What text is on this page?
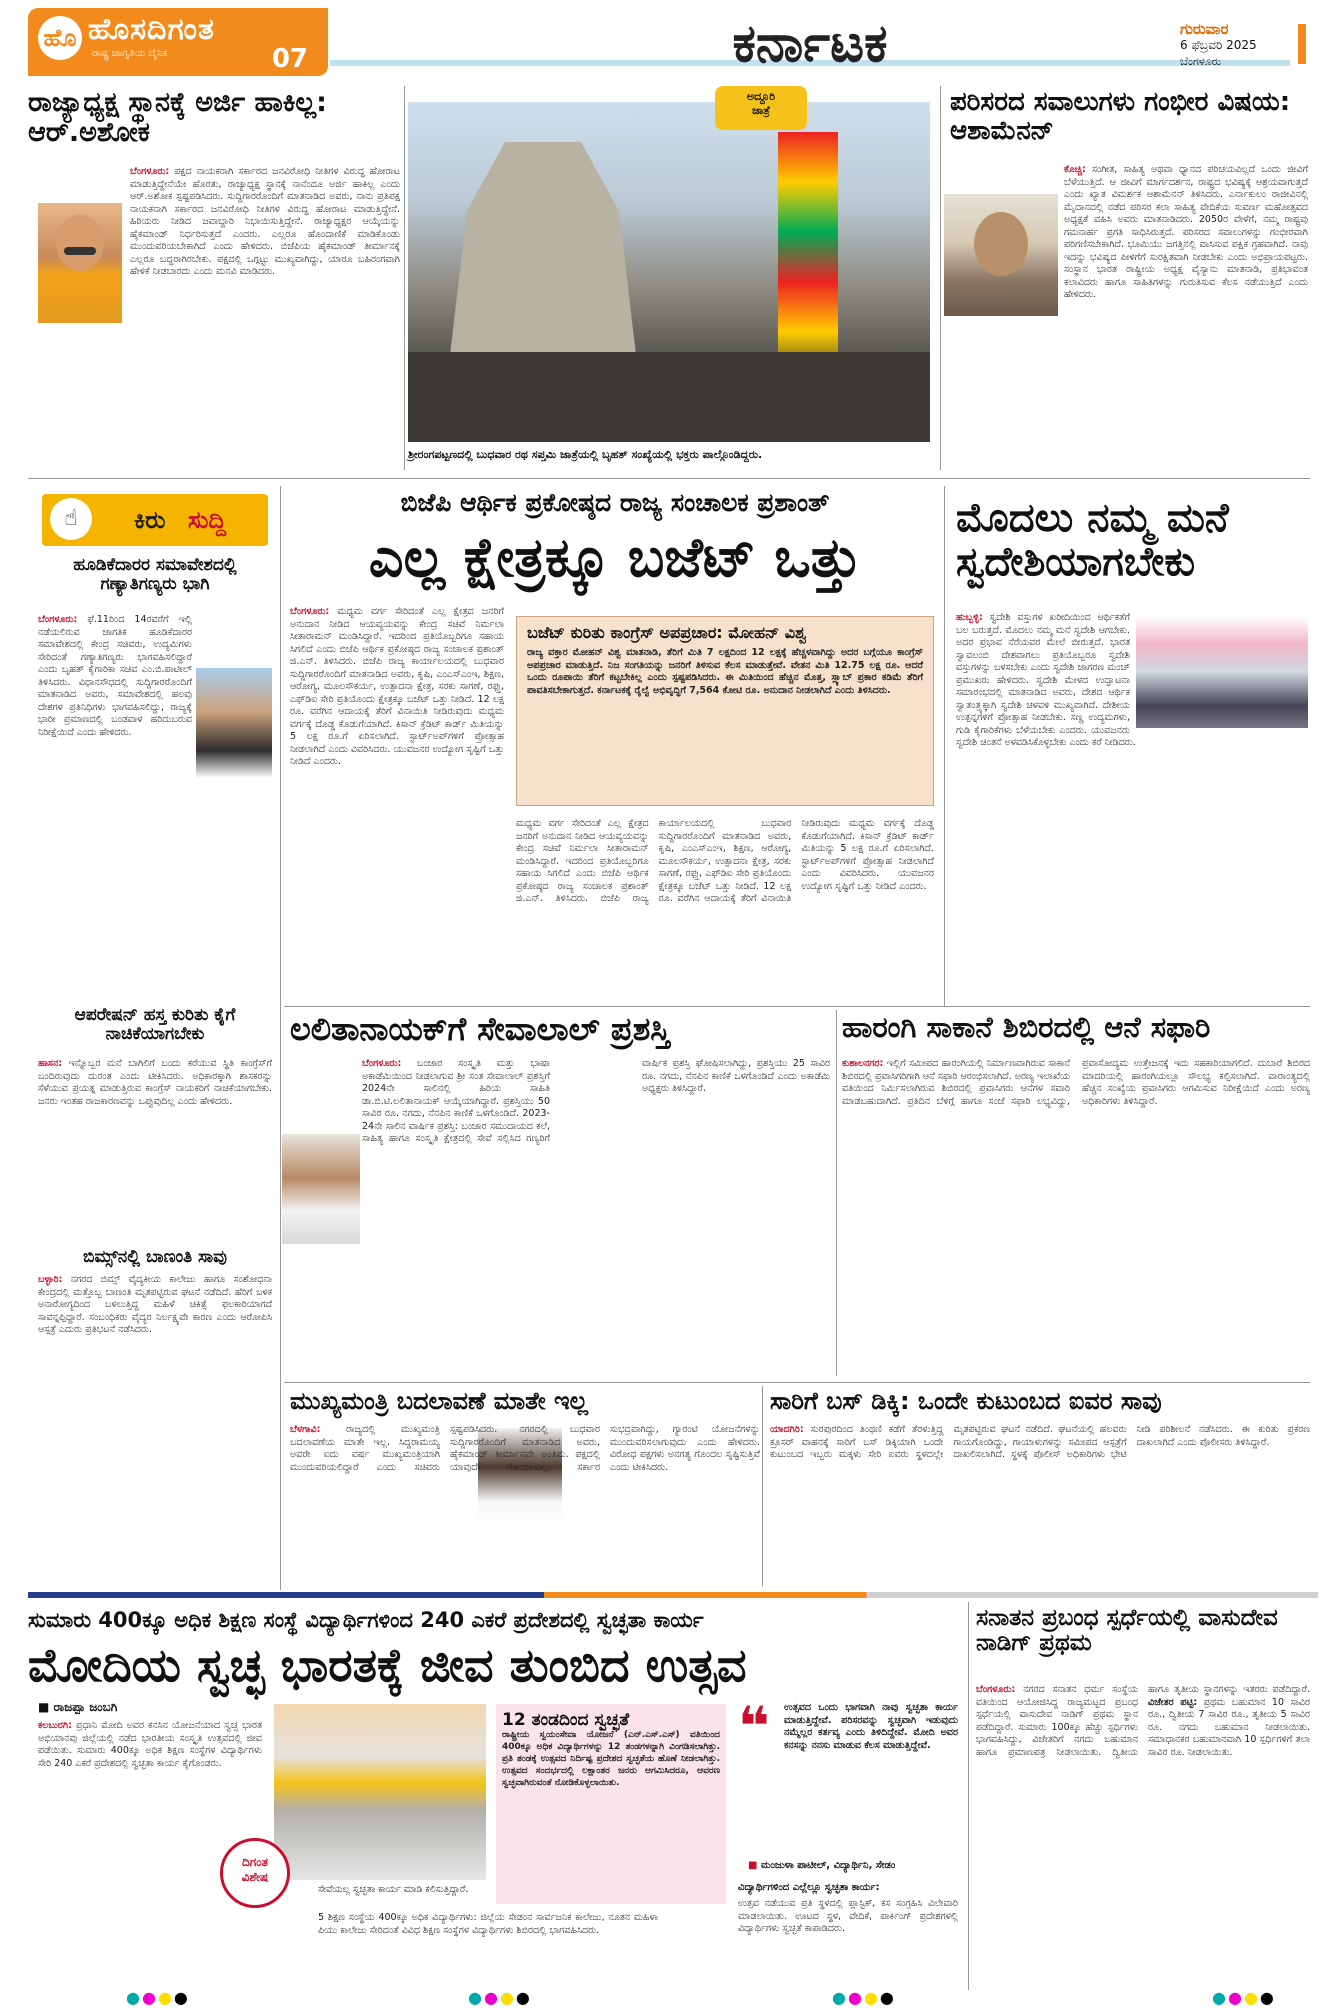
ಹೊ ಹೊಸದಿಗಂತ
ರಾಷ್ಟ್ರ ಜಾಗೃತಿಯ ದೈನಿಕ	07	ಕರ್ನಾಟಕ	ಗುರುವಾರ
6 ಫೆಬ್ರವರಿ 2025
ಬೆಂಗಳೂರು
ರಾಜ್ಯಾಧ್ಯಕ್ಷ ಸ್ಥಾನಕ್ಕೆ ಅರ್ಜಿ ಹಾಕಿಲ್ಲ: ಆರ್.ಅಶೋಕ
ಬೆಂಗಳೂರು: ಪಕ್ಷದ ನಾಯಕರಾಗಿ ಸರ್ಕಾರದ ಜನವಿರೋಧಿ ನೀತಿಗಳ ವಿರುದ್ಧ ಹೋರಾಟ ಮಾಡುತ್ತಿದ್ದೇನೆಯೇ ಹೊರತು, ರಾಜ್ಯಾಧ್ಯಕ್ಷ ಸ್ಥಾನಕ್ಕೆ ನಾನೆಂದೂ ಅರ್ಜಿ ಹಾಕಿಲ್ಲ ಎಂದು ಆರ್.ಅಶೋಕ ಸ್ಪಷ್ಟಪಡಿಸಿದರು. ಸುದ್ದಿಗಾರರೊಂದಿಗೆ ಮಾತನಾಡಿದ ಅವರು, ನಾನು ಪ್ರತಿಪಕ್ಷ ನಾಯಕನಾಗಿ ಸರ್ಕಾರದ ಜನವಿರೋಧಿ ನೀತಿಗಳ ವಿರುದ್ಧ ಹೋರಾಟ ಮಾಡುತ್ತಿದ್ದೇನೆ. ಹಿರಿಯರು ನೀಡಿದ ಜವಾಬ್ದಾರಿ ನಿಭಾಯಿಸುತ್ತಿದ್ದೇನೆ. ರಾಜ್ಯಾಧ್ಯಕ್ಷರ ಆಯ್ಕೆಯನ್ನು ಹೈಕಮಾಂಡ್ ನಿರ್ಧರಿಸುತ್ತದೆ ಎಂದರು. ಎಲ್ಲರೂ ಹೊಂದಾಣಿಕೆ ಮಾಡಿಕೊಂಡು ಮುಂದುವರಿಯಬೇಕಾಗಿದೆ ಎಂದು ಹೇಳಿದರು. ಬಿಜೆಪಿಯ ಹೈಕಮಾಂಡ್ ತೀರ್ಮಾನಕ್ಕೆ ಎಲ್ಲರೂ ಬದ್ಧರಾಗಿರಬೇಕು. ಪಕ್ಷದಲ್ಲಿ ಒಗ್ಗಟ್ಟು ಮುಖ್ಯವಾಗಿದ್ದು, ಯಾರೂ ಬಹಿರಂಗವಾಗಿ ಹೇಳಿಕೆ ನೀಡಬಾರದು ಎಂದು ಮನವಿ ಮಾಡಿದರು.
ಅದ್ದೂರಿ
ಜಾತ್ರೆ
ಶ್ರೀರಂಗಪಟ್ಟಣದಲ್ಲಿ ಬುಧವಾರ ರಥ ಸಪ್ತಮಿ ಜಾತ್ರೆಯಲ್ಲಿ ಬೃಹತ್ ಸಂಖ್ಯೆಯಲ್ಲಿ ಭಕ್ತರು ಪಾಲ್ಗೊಂಡಿದ್ದರು.
ಪರಿಸರದ ಸವಾಲುಗಳು ಗಂಭೀರ ವಿಷಯ: ಆಶಾಮೆನನ್
ಕೊಚ್ಚಿ: ಸಂಗೀತ, ಸಾಹಿತ್ಯ ಅಥವಾ ಧ್ಯಾನದ ಪರಿಚಯವಿಲ್ಲದೆ ಒಂದು ಜೀವಿಗೆ ಬೆಳೆಯುತ್ತಿದೆ. ಆ ಜೀವಿಗೆ ಮಾರ್ಗದರ್ಶನ, ರಾಷ್ಟ್ರದ ಭವಿಷ್ಯಕ್ಕೆ ಆಶ್ರಯವಾಗುತ್ತದೆ ಎಂದು ಖ್ಯಾತ ವಿಮರ್ಶಕ ಆಶಾಮೆನನ್ ತಿಳಿಸಿದರು. ಎರ್ನಾಕುಲಂ ರಾಜೀವಿನಲ್ಲಿ ಮೈದಾನದಲ್ಲಿ ನಡೆದ ಪರಿಸರ ಕಲಾ ಸಾಹಿತ್ಯ ವೇದಿಕೆಯ ಸುವರ್ಣ ಮಹೋತ್ಸವದ ಅಧ್ಯಕ್ಷತೆ ವಹಿಸಿ ಅವರು ಮಾತನಾಡಿದರು. 2050ರ ವೇಳೆಗೆ, ನಮ್ಮ ರಾಷ್ಟ್ರವು ಗಮನಾರ್ಹ ಪ್ರಗತಿ ಸಾಧಿಸಿರುತ್ತದೆ. ಪರಿಸರದ ಸವಾಲುಗಳನ್ನು ಗಂಭೀರವಾಗಿ ಪರಿಗಣಿಸಬೇಕಾಗಿದೆ. ಭೂಮಿಯು ಜಗತ್ತಿನಲ್ಲಿ ವಾಸಿಸುವ ಪಕ್ಷಿಕ ಗ್ರಹವಾಗಿದೆ. ನಾವು ಇದನ್ನು ಭವಿಷ್ಯದ ಪೀಳಿಗೆಗೆ ಸುರಕ್ಷಿತವಾಗಿ ನೀಡಬೇಕು ಎಂದು ಅಭಿಪ್ರಾಯಪಟ್ಟರು. ಸಂಸ್ಥಾನ ಭಾರತ ರಾಷ್ಟ್ರೀಯ ಅಧ್ಯಕ್ಷ ವೈಸ್ಯಾನು ಮಾತನಾಡಿ, ಪ್ರತಿಭಾವಂತ ಕಲಾವಿದರು ಹಾಗೂ ಸಾಹಿತಿಗಳನ್ನು ಗುರುತಿಸುವ ಕೆಲಸ ನಡೆಯುತ್ತಿದೆ ಎಂದು ಹೇಳಿದರು.
☝	ಕಿರು ಸುದ್ದಿ
ಹೂಡಿಕೆದಾರರ ಸಮಾವೇಶದಲ್ಲಿ ಗಣ್ಯಾತಿಗಣ್ಯರು ಭಾಗಿ
ಬೆಂಗಳೂರು: ಫೆ.11ರಿಂದ 14ರವರೆಗೆ ಇಲ್ಲಿ ನಡೆಯಲಿರುವ ಜಾಗತಿಕ ಹೂಡಿಕೆದಾರರ ಸಮಾವೇಶದಲ್ಲಿ ಕೇಂದ್ರ ಸಚಿವರು, ಉದ್ಯಮಿಗಳು ಸೇರಿದಂತೆ ಗಣ್ಯಾತಿಗಣ್ಯರು ಭಾಗವಹಿಸಲಿದ್ದಾರೆ ಎಂದು ಬೃಹತ್ ಕೈಗಾರಿಕಾ ಸಚಿವ ಎಂ.ಬಿ.ಪಾಟೀಲ್ ತಿಳಿಸಿದರು. ವಿಧಾನಸೌಧದಲ್ಲಿ ಸುದ್ದಿಗಾರರೊಂದಿಗೆ ಮಾತನಾಡಿದ ಅವರು, ಸಮಾವೇಶದಲ್ಲಿ ಹಲವು ದೇಶಗಳ ಪ್ರತಿನಿಧಿಗಳು ಭಾಗವಹಿಸಲಿದ್ದು, ರಾಜ್ಯಕ್ಕೆ ಭಾರೀ ಪ್ರಮಾಣದಲ್ಲಿ ಬಂಡವಾಳ ಹರಿದುಬರುವ ನಿರೀಕ್ಷೆಯಿದೆ ಎಂದು ಹೇಳಿದರು.
ಆಪರೇಷನ್ ಹಸ್ತ ಕುರಿತು ಕೈಗೆ ನಾಚಿಕೆಯಾಗಬೇಕು
ಹಾಸನ: ಇನ್ನೊಬ್ಬರ ಮನೆ ಬಾಗಿಲಿಗೆ ಬಂದು ಕರೆಯುವ ಸ್ಥಿತಿ ಕಾಂಗ್ರೆಸ್‌ಗೆ ಬಂದಿರುವುದು ದುರಂತ ಎಂದು ಟೀಕಿಸಿದರು. ಅಧಿಕಾರಕ್ಕಾಗಿ ಶಾಸಕರನ್ನು ಸೆಳೆಯುವ ಪ್ರಯತ್ನ ಮಾಡುತ್ತಿರುವ ಕಾಂಗ್ರೆಸ್ ನಾಯಕರಿಗೆ ನಾಚಿಕೆಯಾಗಬೇಕು. ಜನರು ಇಂತಹ ರಾಜಕಾರಣವನ್ನು ಒಪ್ಪುವುದಿಲ್ಲ ಎಂದು ಹೇಳಿದರು.
ಬಿಮ್ಸ್‌ನಲ್ಲಿ ಬಾಣಂತಿ ಸಾವು
ಬಳ್ಳಾರಿ: ನಗರದ ಬಿಮ್ಸ್ ವೈದ್ಯಕೀಯ ಕಾಲೇಜು ಹಾಗೂ ಸಂಶೋಧನಾ ಕೇಂದ್ರದಲ್ಲಿ ಮತ್ತೊಬ್ಬ ಬಾಣಂತಿ ಮೃತಪಟ್ಟಿರುವ ಘಟನೆ ನಡೆದಿದೆ. ಹೆರಿಗೆ ಬಳಿಕ ಅನಾರೋಗ್ಯದಿಂದ ಬಳಲುತ್ತಿದ್ದ ಮಹಿಳೆ ಚಿಕಿತ್ಸೆ ಫಲಕಾರಿಯಾಗದೆ ಸಾವನ್ನಪ್ಪಿದ್ದಾರೆ. ಸಂಬಂಧಿಕರು ವೈದ್ಯರ ನಿರ್ಲಕ್ಷ್ಯವೇ ಕಾರಣ ಎಂದು ಆರೋಪಿಸಿ ಆಸ್ಪತ್ರೆ ಎದುರು ಪ್ರತಿಭಟನೆ ನಡೆಸಿದರು.
ಬಿಜೆಪಿ ಆರ್ಥಿಕ ಪ್ರಕೋಷ್ಠದ ರಾಜ್ಯ ಸಂಚಾಲಕ ಪ್ರಶಾಂತ್
ಎಲ್ಲ ಕ್ಷೇತ್ರಕ್ಕೂ ಬಜೆಟ್ ಒತ್ತು
ಬೆಂಗಳೂರು: ಮಧ್ಯಮ ವರ್ಗ ಸೇರಿದಂತೆ ಎಲ್ಲ ಕ್ಷೇತ್ರದ ಜನರಿಗೆ ಅನುದಾನ ನೀಡಿದ ಆಯವ್ಯಯವನ್ನು ಕೇಂದ್ರ ಸಚಿವೆ ನಿರ್ಮಲಾ ಸೀತಾರಾಮನ್ ಮಂಡಿಸಿದ್ದಾರೆ. ಇದರಿಂದ ಪ್ರತಿಯೊಬ್ಬರಿಗೂ ಸಹಾಯ ಸಿಗಲಿದೆ ಎಂದು ಬಿಜೆಪಿ ಆರ್ಥಿಕ ಪ್ರಕೋಷ್ಠದ ರಾಜ್ಯ ಸಂಚಾಲಕ ಪ್ರಶಾಂತ್ ಜಿ.ಎನ್. ತಿಳಿಸಿದರು. ಬಿಜೆಪಿ ರಾಜ್ಯ ಕಾರ್ಯಾಲಯದಲ್ಲಿ ಬುಧವಾರ ಸುದ್ದಿಗಾರರೊಂದಿಗೆ ಮಾತನಾಡಿದ ಅವರು, ಕೃಷಿ, ಎಂಎಸ್‌ಎಂಇ, ಶಿಕ್ಷಣ, ಆರೋಗ್ಯ, ಮೂಲಸೌಕರ್ಯ, ಉತ್ಪಾದನಾ ಕ್ಷೇತ್ರ, ಸರಕು ಸಾಗಣೆ, ರಫ್ತು, ಎಫ್‌ಡಿಐ ಸೇರಿ ಪ್ರತಿಯೊಂದು ಕ್ಷೇತ್ರಕ್ಕೂ ಬಜೆಟ್ ಒತ್ತು ನೀಡಿದೆ. 12 ಲಕ್ಷ ರೂ. ವರೆಗಿನ ಆದಾಯಕ್ಕೆ ತೆರಿಗೆ ವಿನಾಯಿತಿ ನೀಡಿರುವುದು ಮಧ್ಯಮ ವರ್ಗಕ್ಕೆ ದೊಡ್ಡ ಕೊಡುಗೆಯಾಗಿದೆ. ಕಿಸಾನ್ ಕ್ರೆಡಿಟ್ ಕಾರ್ಡ್ ಮಿತಿಯನ್ನು 5 ಲಕ್ಷ ರೂ.ಗೆ ಏರಿಸಲಾಗಿದೆ. ಸ್ಟಾರ್ಟ್‌ಅಪ್‌ಗಳಿಗೆ ಪ್ರೋತ್ಸಾಹ ನೀಡಲಾಗಿದೆ ಎಂದು ವಿವರಿಸಿದರು. ಯುವಜನರ ಉದ್ಯೋಗ ಸೃಷ್ಟಿಗೆ ಒತ್ತು ನೀಡಿದೆ ಎಂದರು.
ಬಜೆಟ್ ಕುರಿತು ಕಾಂಗ್ರೆಸ್ ಅಪಪ್ರಚಾರ: ಮೋಹನ್ ವಿಶ್ವ
ರಾಜ್ಯ ವಕ್ತಾರ ಮೋಹನ್ ವಿಶ್ವ ಮಾತನಾಡಿ, ತೆರಿಗೆ ಮಿತಿ 7 ಲಕ್ಷದಿಂದ 12 ಲಕ್ಷಕ್ಕೆ ಹೆಚ್ಚಳವಾಗಿದ್ದು ಅದರ ಬಗ್ಗೆಯೂ ಕಾಂಗ್ರೆಸ್ ಅಪಪ್ರಚಾರ ಮಾಡುತ್ತಿದೆ. ನಿಜ ಸಂಗತಿಯನ್ನು ಜನರಿಗೆ ತಿಳಿಸುವ ಕೆಲಸ ಮಾಡುತ್ತೇವೆ. ವೇತನ ಮಿತಿ 12.75 ಲಕ್ಷ ರೂ. ಆದರೆ ಒಂದು ರೂಪಾಯಿ ತೆರಿಗೆ ಕಟ್ಟಬೇಕಿಲ್ಲ ಎಂದು ಸ್ಪಷ್ಟಪಡಿಸಿದರು. ಈ ಮಿತಿಯಿಂದ ಹೆಚ್ಚಿನ ಮೊತ್ತ, ಸ್ಲ್ಯಾಬ್ ಪ್ರಕಾರ ಕಡಿಮೆ ತೆರಿಗೆ ಪಾವತಿಸಬೇಕಾಗುತ್ತದೆ. ಕರ್ನಾಟಕಕ್ಕೆ ರೈಲ್ವೆ ಅಭಿವೃದ್ಧಿಗೆ 7,564 ಕೋಟಿ ರೂ. ಅನುದಾನ ನೀಡಲಾಗಿದೆ ಎಂದು ತಿಳಿಸಿದರು.
ಮಧ್ಯಮ ವರ್ಗ ಸೇರಿದಂತೆ ಎಲ್ಲ ಕ್ಷೇತ್ರದ ಜನರಿಗೆ ಅನುದಾನ ನೀಡಿದ ಆಯವ್ಯಯವನ್ನು ಕೇಂದ್ರ ಸಚಿವೆ ನಿರ್ಮಲಾ ಸೀತಾರಾಮನ್ ಮಂಡಿಸಿದ್ದಾರೆ. ಇದರಿಂದ ಪ್ರತಿಯೊಬ್ಬರಿಗೂ ಸಹಾಯ ಸಿಗಲಿದೆ ಎಂದು ಬಿಜೆಪಿ ಆರ್ಥಿಕ ಪ್ರಕೋಷ್ಠದ ರಾಜ್ಯ ಸಂಚಾಲಕ ಪ್ರಶಾಂತ್ ಜಿ.ಎನ್. ತಿಳಿಸಿದರು. ಬಿಜೆಪಿ ರಾಜ್ಯ ಕಾರ್ಯಾಲಯದಲ್ಲಿ ಬುಧವಾರ ಸುದ್ದಿಗಾರರೊಂದಿಗೆ ಮಾತನಾಡಿದ ಅವರು, ಕೃಷಿ, ಎಂಎಸ್‌ಎಂಇ, ಶಿಕ್ಷಣ, ಆರೋಗ್ಯ, ಮೂಲಸೌಕರ್ಯ, ಉತ್ಪಾದನಾ ಕ್ಷೇತ್ರ, ಸರಕು ಸಾಗಣೆ, ರಫ್ತು, ಎಫ್‌ಡಿಐ ಸೇರಿ ಪ್ರತಿಯೊಂದು ಕ್ಷೇತ್ರಕ್ಕೂ ಬಜೆಟ್ ಒತ್ತು ನೀಡಿದೆ. 12 ಲಕ್ಷ ರೂ. ವರೆಗಿನ ಆದಾಯಕ್ಕೆ ತೆರಿಗೆ ವಿನಾಯಿತಿ ನೀಡಿರುವುದು ಮಧ್ಯಮ ವರ್ಗಕ್ಕೆ ದೊಡ್ಡ ಕೊಡುಗೆಯಾಗಿದೆ. ಕಿಸಾನ್ ಕ್ರೆಡಿಟ್ ಕಾರ್ಡ್ ಮಿತಿಯನ್ನು 5 ಲಕ್ಷ ರೂ.ಗೆ ಏರಿಸಲಾಗಿದೆ. ಸ್ಟಾರ್ಟ್‌ಅಪ್‌ಗಳಿಗೆ ಪ್ರೋತ್ಸಾಹ ನೀಡಲಾಗಿದೆ ಎಂದು ವಿವರಿಸಿದರು. ಯುವಜನರ ಉದ್ಯೋಗ ಸೃಷ್ಟಿಗೆ ಒತ್ತು ನೀಡಿದೆ ಎಂದರು.
ಮೊದಲು ನಮ್ಮ ಮನೆ ಸ್ವದೇಶಿಯಾಗಬೇಕು
ಹುಬ್ಬಳ್ಳಿ: ಸ್ವದೇಶಿ ವಸ್ತುಗಳ ಖರೀದಿಯಿಂದ ಆರ್ಥಿಕತೆಗೆ ಬಲ ಬರುತ್ತದೆ. ಮೊದಲು ನಮ್ಮ ಮನೆ ಸ್ವದೇಶಿ ಆಗಬೇಕು. ಅದರ ಪ್ರಭಾವ ನೆರೆಯವರ ಮೇಲೆ ಬೀರುತ್ತದೆ. ಭಾರತ ಸ್ವಾವಲಂಬಿ ದೇಶವಾಗಲು ಪ್ರತಿಯೊಬ್ಬರೂ ಸ್ವದೇಶಿ ವಸ್ತುಗಳನ್ನು ಬಳಸಬೇಕು ಎಂದು ಸ್ವದೇಶಿ ಜಾಗರಣ ಮಂಚ್ ಪ್ರಮುಖರು ಹೇಳಿದರು. ಸ್ವದೇಶಿ ಮೇಳದ ಉದ್ಘಾಟನಾ ಸಮಾರಂಭದಲ್ಲಿ ಮಾತನಾಡಿದ ಅವರು, ದೇಶದ ಆರ್ಥಿಕ ಸ್ವಾತಂತ್ರ್ಯಕ್ಕಾಗಿ ಸ್ವದೇಶಿ ಚಳವಳಿ ಮುಖ್ಯವಾಗಿದೆ. ದೇಶೀಯ ಉತ್ಪನ್ನಗಳಿಗೆ ಪ್ರೋತ್ಸಾಹ ನೀಡಬೇಕು. ಸಣ್ಣ ಉದ್ಯಮಗಳು, ಗುಡಿ ಕೈಗಾರಿಕೆಗಳು ಬೆಳೆಯಬೇಕು ಎಂದರು. ಯುವಜನರು ಸ್ವದೇಶಿ ಚಿಂತನೆ ಅಳವಡಿಸಿಕೊಳ್ಳಬೇಕು ಎಂದು ಕರೆ ನೀಡಿದರು.
ಲಲಿತಾನಾಯಕ್‌ಗೆ ಸೇವಾಲಾಲ್ ಪ್ರಶಸ್ತಿ
ಬೆಂಗಳೂರು: ಬಂಜಾರ ಸಂಸ್ಕೃತಿ ಮತ್ತು ಭಾಷಾ ಅಕಾಡೆಮಿಯಿಂದ ನೀಡಲಾಗುವ ಶ್ರೀ ಸಂತ ಸೇವಾಲಾಲ್ ಪ್ರಶಸ್ತಿಗೆ 2024ನೇ ಸಾಲಿನಲ್ಲಿ ಹಿರಿಯ ಸಾಹಿತಿ ಡಾ.ಬಿ.ಟಿ.ಲಲಿತಾನಾಯಕ್ ಆಯ್ಕೆಯಾಗಿದ್ದಾರೆ. ಪ್ರಶಸ್ತಿಯು 50 ಸಾವಿರ ರೂ. ನಗದು, ನೆನಪಿನ ಕಾಣಿಕೆ ಒಳಗೊಂಡಿದೆ. 2023-24ನೇ ಸಾಲಿನ ವಾರ್ಷಿಕ ಪ್ರಶಸ್ತಿ: ಬಂಜಾರ ಸಮುದಾಯದ ಕಲೆ, ಸಾಹಿತ್ಯ ಹಾಗೂ ಸಂಸ್ಕೃತಿ ಕ್ಷೇತ್ರದಲ್ಲಿ ಸೇವೆ ಸಲ್ಲಿಸಿದ ಗಣ್ಯರಿಗೆ ವಾರ್ಷಿಕ ಪ್ರಶಸ್ತಿ ಘೋಷಿಸಲಾಗಿದ್ದು, ಪ್ರಶಸ್ತಿಯು 25 ಸಾವಿರ ರೂ. ನಗದು, ನೆನಪಿನ ಕಾಣಿಕೆ ಒಳಗೊಂಡಿದೆ ಎಂದು ಅಕಾಡೆಮಿ ಅಧ್ಯಕ್ಷರು ತಿಳಿಸಿದ್ದಾರೆ.
ಹಾರಂಗಿ ಸಾಕಾನೆ ಶಿಬಿರದಲ್ಲಿ ಆನೆ ಸಫಾರಿ
ಕುಶಾಲನಗರ: ಇಲ್ಲಿಗೆ ಸಮೀಪದ ಹಾರಂಗಿಯಲ್ಲಿ ನಿರ್ಮಾಣವಾಗಿರುವ ಸಾಕಾನೆ ಶಿಬಿರದಲ್ಲಿ ಪ್ರವಾಸಿಗರಿಗಾಗಿ ಆನೆ ಸಫಾರಿ ಆರಂಭಿಸಲಾಗಿದೆ. ಅರಣ್ಯ ಇಲಾಖೆಯ ವತಿಯಿಂದ ನಿರ್ಮಿಸಲಾಗಿರುವ ಶಿಬಿರದಲ್ಲಿ ಪ್ರವಾಸಿಗರು ಆನೆಗಳ ಸವಾರಿ ಮಾಡಬಹುದಾಗಿದೆ. ಪ್ರತಿದಿನ ಬೆಳಿಗ್ಗೆ ಹಾಗೂ ಸಂಜೆ ಸಫಾರಿ ಲಭ್ಯವಿದ್ದು, ಪ್ರವಾಸೋದ್ಯಮ ಉತ್ತೇಜನಕ್ಕೆ ಇದು ಸಹಕಾರಿಯಾಗಲಿದೆ. ದುಬಾರೆ ಶಿಬಿರದ ಮಾದರಿಯಲ್ಲಿ ಹಾರಂಗಿಯಲ್ಲೂ ಸೌಲಭ್ಯ ಕಲ್ಪಿಸಲಾಗಿದೆ. ವಾರಾಂತ್ಯದಲ್ಲಿ ಹೆಚ್ಚಿನ ಸಂಖ್ಯೆಯ ಪ್ರವಾಸಿಗರು ಆಗಮಿಸುವ ನಿರೀಕ್ಷೆಯಿದೆ ಎಂದು ಅರಣ್ಯ ಅಧಿಕಾರಿಗಳು ತಿಳಿಸಿದ್ದಾರೆ.
ಮುಖ್ಯಮಂತ್ರಿ ಬದಲಾವಣೆ ಮಾತೇ ಇಲ್ಲ
ಬೆಳಗಾವಿ:	ರಾಜ್ಯದಲ್ಲಿ ಮುಖ್ಯಮಂತ್ರಿ ಬದಲಾವಣೆಯ ಮಾತೇ ಇಲ್ಲ. ಸಿದ್ದರಾಮಯ್ಯ ಅವರೇ ಐದು ವರ್ಷ ಮುಖ್ಯಮಂತ್ರಿಯಾಗಿ ಮುಂದುವರಿಯಲಿದ್ದಾರೆ ಎಂದು ಸಚಿವರು ಸ್ಪಷ್ಟಪಡಿಸಿದರು. ನಗರದಲ್ಲಿ ಬುಧವಾರ ಸುದ್ದಿಗಾರರೊಂದಿಗೆ ಮಾತನಾಡಿದ ಅವರು, ಹೈಕಮಾಂಡ್ ತೀರ್ಮಾನವೇ ಅಂತಿಮ. ಪಕ್ಷದಲ್ಲಿ ಯಾವುದೇ ಗೊಂದಲವಿಲ್ಲ. ಸರ್ಕಾರ ಸುಭದ್ರವಾಗಿದ್ದು, ಗ್ಯಾರಂಟಿ ಯೋಜನೆಗಳನ್ನು ಮುಂದುವರಿಸಲಾಗುವುದು ಎಂದು ಹೇಳಿದರು. ವಿರೋಧ ಪಕ್ಷಗಳು ಅನಗತ್ಯ ಗೊಂದಲ ಸೃಷ್ಟಿಸುತ್ತಿವೆ ಎಂದು ಟೀಕಿಸಿದರು.
ಸಾರಿಗೆ ಬಸ್ ಡಿಕ್ಕಿ: ಒಂದೇ ಕುಟುಂಬದ ಐವರ ಸಾವು
ಯಾದಗಿರಿ: ಸುರಪುರದಿಂದ ತಿಂಥಣಿ ಕಡೆಗೆ ತೆರಳುತ್ತಿದ್ದ ಕ್ರೂಸರ್ ವಾಹನಕ್ಕೆ ಸಾರಿಗೆ ಬಸ್ ಡಿಕ್ಕಿಯಾಗಿ ಒಂದೇ ಕುಟುಂಬದ ಇಬ್ಬರು ಮಕ್ಕಳು ಸೇರಿ ಐವರು ಸ್ಥಳದಲ್ಲೇ ಮೃತಪಟ್ಟಿರುವ ಘಟನೆ ನಡೆದಿದೆ. ಘಟನೆಯಲ್ಲಿ ಹಲವರು ಗಾಯಗೊಂಡಿದ್ದು, ಗಾಯಾಳುಗಳನ್ನು ಸಮೀಪದ ಆಸ್ಪತ್ರೆಗೆ ದಾಖಲಿಸಲಾಗಿದೆ. ಸ್ಥಳಕ್ಕೆ ಪೊಲೀಸ್ ಅಧಿಕಾರಿಗಳು ಭೇಟಿ ನೀಡಿ ಪರಿಶೀಲನೆ ನಡೆಸಿದರು. ಈ ಕುರಿತು ಪ್ರಕರಣ ದಾಖಲಾಗಿದೆ ಎಂದು ಪೊಲೀಸರು ತಿಳಿಸಿದ್ದಾರೆ.
ಸುಮಾರು 400ಕ್ಕೂ ಅಧಿಕ ಶಿಕ್ಷಣ ಸಂಸ್ಥೆ ವಿದ್ಯಾರ್ಥಿಗಳಿಂದ 240 ಎಕರೆ ಪ್ರದೇಶದಲ್ಲಿ ಸ್ವಚ್ಛತಾ ಕಾರ್ಯ
ಮೋದಿಯ ಸ್ವಚ್ಛ ಭಾರತಕ್ಕೆ ಜೀವ ತುಂಬಿದ ಉತ್ಸವ
■ ರಾಜಪ್ಪಾ ಜಂಬಗಿ
ಕಲಬುರಗಿ: ಪ್ರಧಾನಿ ಮೋದಿ ಅವರ ಕನಸಿನ ಯೋಜನೆಯಾದ ಸ್ವಚ್ಛ ಭಾರತ ಅಭಿಯಾನವು ಜಿಲ್ಲೆಯಲ್ಲಿ ನಡೆದ ಭಾರತೀಯ ಸಂಸ್ಕೃತಿ ಉತ್ಸವದಲ್ಲಿ ಜೀವ ಪಡೆಯಿತು. ಸುಮಾರು 400ಕ್ಕೂ ಅಧಿಕ ಶಿಕ್ಷಣ ಸಂಸ್ಥೆಗಳ ವಿದ್ಯಾರ್ಥಿಗಳು ಸೇರಿ 240 ಎಕರೆ ಪ್ರದೇಶದಲ್ಲಿ ಸ್ವಚ್ಛತಾ ಕಾರ್ಯ ಕೈಗೊಂಡರು.
ದಿಗಂತ
ವಿಶೇಷ
ಸೇವೆಯಲ್ಲ ಸ್ವಚ್ಛತಾ ಕಾರ್ಯ ಮಾಡಿ ಕಲಿಸುತ್ತಿದ್ದಾರೆ.
5 ಶಿಕ್ಷಣ ಸಂಸ್ಥೆಯ 400ಕ್ಕೂ ಅಧಿಕ ವಿದ್ಯಾರ್ಥಿಗಳು: ಜಿಲ್ಲೆಯ ಸೇಡಂನ ಸಾರ್ವಜನಿಕ ಕಾಲೇಜು, ನೂತನ ಮಹಿಳಾ ಪಿಯು ಕಾಲೇಜು ಸೇರಿದಂತೆ ವಿವಿಧ ಶಿಕ್ಷಣ ಸಂಸ್ಥೆಗಳ ವಿದ್ಯಾರ್ಥಿಗಳು ಶಿಬಿರದಲ್ಲಿ ಭಾಗವಹಿಸಿದರು.
12 ತಂಡದಿಂದ ಸ್ವಚ್ಛತೆ
ರಾಷ್ಟ್ರೀಯ ಸ್ವಯಂಸೇವಾ ಯೋಜನೆ (ಎನ್.ಎಸ್.ಎಸ್) ವತಿಯಿಂದ 400ಕ್ಕೂ ಅಧಿಕ ವಿದ್ಯಾರ್ಥಿಗಳನ್ನು 12 ತಂಡಗಳನ್ನಾಗಿ ವಿಂಗಡಿಸಲಾಗಿತ್ತು. ಪ್ರತಿ ತಂಡಕ್ಕೆ ಉತ್ಸವದ ನಿರ್ದಿಷ್ಟ ಪ್ರದೇಶದ ಸ್ವಚ್ಛತೆಯ ಹೊಣೆ ನೀಡಲಾಗಿತ್ತು. ಉತ್ಸವದ ಸಂದರ್ಭದಲ್ಲಿ ಲಕ್ಷಾಂತರ ಜನರು ಆಗಮಿಸಿದರೂ, ಆವರಣ ಸ್ವಚ್ಛವಾಗಿರುವಂತೆ ನೋಡಿಕೊಳ್ಳಲಾಯಿತು.
❝	ಉತ್ಸವದ ಒಂದು ಭಾಗವಾಗಿ ನಾವು ಸ್ವಚ್ಛತಾ ಕಾರ್ಯ ಮಾಡುತ್ತಿದ್ದೇವೆ. ಪರಿಸರವನ್ನು ಸ್ವಚ್ಛವಾಗಿ ಇಡುವುದು ನಮ್ಮೆಲ್ಲರ ಕರ್ತವ್ಯ ಎಂದು ತಿಳಿದಿದ್ದೇವೆ. ಮೋದಿ ಅವರ ಕನಸನ್ನು ನನಸು ಮಾಡುವ ಕೆಲಸ ಮಾಡುತ್ತಿದ್ದೇವೆ.
■ ಮಂಜುಳಾ ಪಾಟೀಲ್, ವಿದ್ಯಾರ್ಥಿನಿ, ಸೇಡಂ
ವಿದ್ಯಾರ್ಥಿಗಳಿಂದ ಎಲ್ಲೆಲ್ಲೂ ಸ್ವಚ್ಛತಾ ಕಾರ್ಯ:
ಉತ್ಸವ ನಡೆಯುವ ಪ್ರತಿ ಸ್ಥಳದಲ್ಲಿ ಪ್ಲಾಸ್ಟಿಕ್, ಕಸ ಸಂಗ್ರಹಿಸಿ ವಿಲೇವಾರಿ ಮಾಡಲಾಯಿತು. ಊಟದ ಸ್ಥಳ, ವೇದಿಕೆ, ಪಾರ್ಕಿಂಗ್ ಪ್ರದೇಶಗಳಲ್ಲಿ ವಿದ್ಯಾರ್ಥಿಗಳು ಸ್ವಚ್ಛತೆ ಕಾಪಾಡಿದರು.
ಸನಾತನ ಪ್ರಬಂಧ ಸ್ಪರ್ಧೆಯಲ್ಲಿ ವಾಸುದೇವ ನಾಡಿಗ್ ಪ್ರಥಮ
ಬೆಂಗಳೂರು: ನಗರದ ಸನಾತನ ಧರ್ಮ ಸಂಸ್ಥೆಯ ವತಿಯಿಂದ ಆಯೋಜಿಸಿದ್ದ ರಾಜ್ಯಮಟ್ಟದ ಪ್ರಬಂಧ ಸ್ಪರ್ಧೆಯಲ್ಲಿ ವಾಸುದೇವ ನಾಡಿಗ್ ಪ್ರಥಮ ಸ್ಥಾನ ಪಡೆದಿದ್ದಾರೆ. ಸುಮಾರು 100ಕ್ಕೂ ಹೆಚ್ಚು ಸ್ಪರ್ಧಿಗಳು ಭಾಗವಹಿಸಿದ್ದು, ವಿಜೇತರಿಗೆ ನಗದು ಬಹುಮಾನ ಹಾಗೂ ಪ್ರಮಾಣಪತ್ರ ನೀಡಲಾಯಿತು. ದ್ವಿತೀಯ ಹಾಗೂ ತೃತೀಯ ಸ್ಥಾನಗಳನ್ನು ಇತರರು ಪಡೆದಿದ್ದಾರೆ. ವಿಜೇತರ ಪಟ್ಟಿ: ಪ್ರಥಮ ಬಹುಮಾನ 10 ಸಾವಿರ ರೂ., ದ್ವಿತೀಯ 7 ಸಾವಿರ ರೂ., ತೃತೀಯ 5 ಸಾವಿರ ರೂ. ನಗದು ಬಹುಮಾನ ನೀಡಲಾಯಿತು. ಸಮಾಧಾನಕರ ಬಹುಮಾನವಾಗಿ 10 ಸ್ಪರ್ಧಿಗಳಿಗೆ ತಲಾ ಸಾವಿರ ರೂ. ನೀಡಲಾಯಿತು.
●●●●	●●●●	●●●●	●●●●
